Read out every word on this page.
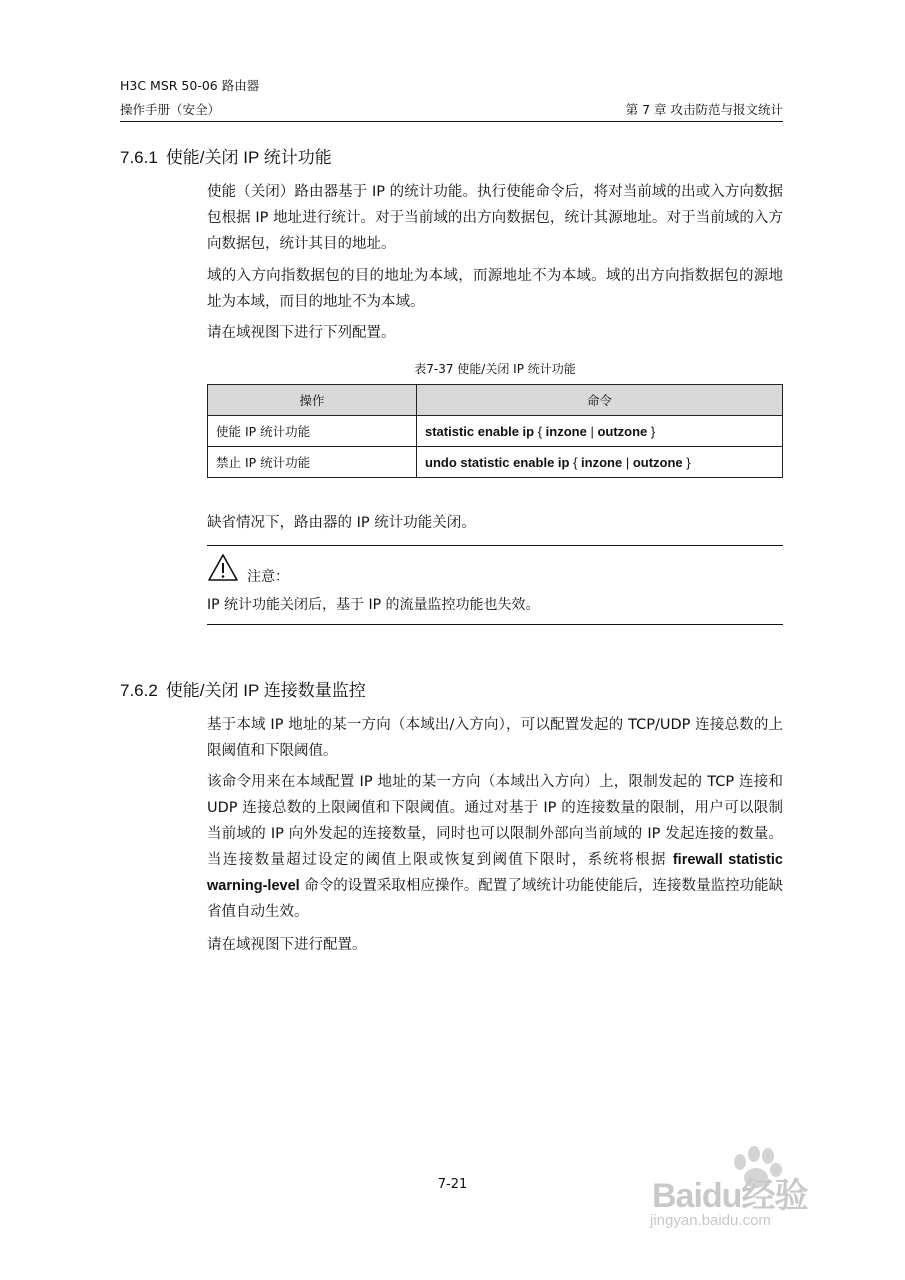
H3C MSR 50-06 路由器
操作手册（安全）	第 7 章 攻击防范与报文统计
7.6.1 使能/关闭 IP 统计功能
使能（关闭）路由器基于 IP 的统计功能。执行使能命令后，将对当前域的出或入方向数据包根据 IP 地址进行统计。对于当前域的出方向数据包，统计其源地址。对于当前域的入方向数据包，统计其目的地址。
域的入方向指数据包的目的地址为本域，而源地址不为本域。域的出方向指数据包的源地址为本域，而目的地址不为本域。
请在域视图下进行下列配置。
表7-37 使能/关闭 IP 统计功能
操作	命令
使能 IP 统计功能	statistic enable ip { inzone | outzone }
禁止 IP 统计功能	undo statistic enable ip { inzone | outzone }
缺省情况下，路由器的 IP 统计功能关闭。
注意：
IP 统计功能关闭后，基于 IP 的流量监控功能也失效。
7.6.2 使能/关闭 IP 连接数量监控
基于本域 IP 地址的某一方向（本域出/入方向），可以配置发起的 TCP/UDP 连接总数的上限阈值和下限阈值。
该命令用来在本域配置 IP 地址的某一方向（本域出入方向）上，限制发起的 TCP 连接和 UDP 连接总数的上限阈值和下限阈值。通过对基于 IP 的连接数量的限制，用户可以限制当前域的 IP 向外发起的连接数量，同时也可以限制外部向当前域的 IP 发起连接的数量。当连接数量超过设定的阈值上限或恢复到阈值下限时，系统将根据 firewall statistic warning-level 命令的设置采取相应操作。配置了域统计功能使能后，连接数量监控功能缺省值自动生效。
请在域视图下进行配置。
7-21	Baidu经验
jingyan.baidu.com
